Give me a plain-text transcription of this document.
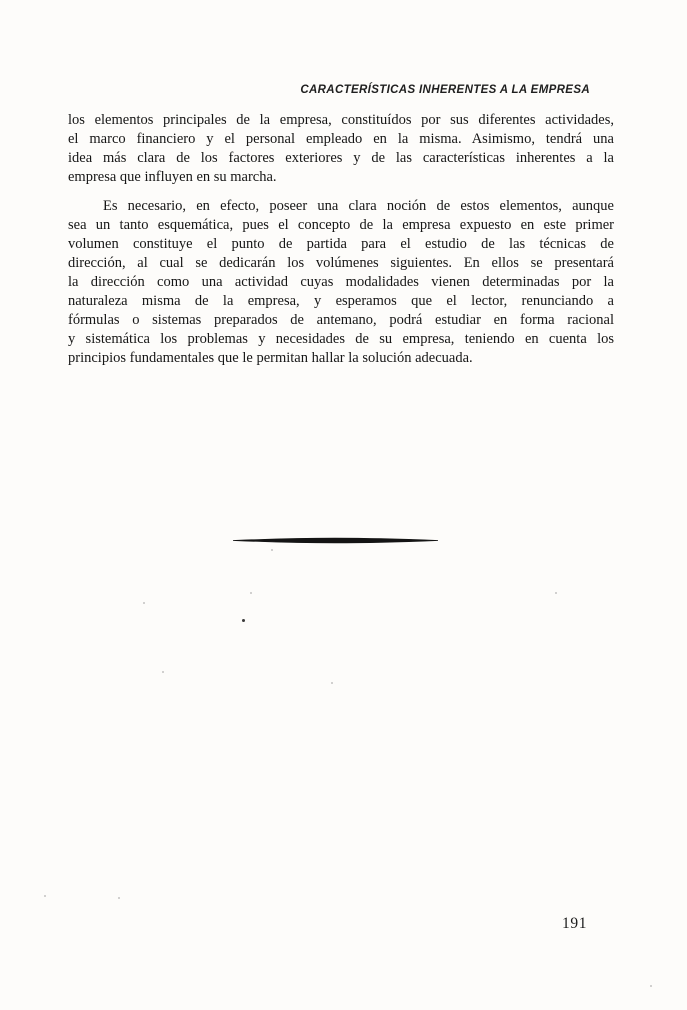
CARACTERÍSTICAS INHERENTES A LA EMPRESA
los elementos principales de la empresa, constituídos por sus diferentes actividades,
el marco financiero y el personal empleado en la misma. Asimismo, tendrá una
idea más clara de los factores exteriores y de las características inherentes a la
empresa que influyen en su marcha.
Es necesario, en efecto, poseer una clara noción de estos elementos, aunque
sea un tanto esquemática, pues el concepto de la empresa expuesto en este primer
volumen constituye el punto de partida para el estudio de las técnicas de
dirección, al cual se dedicarán los volúmenes siguientes. En ellos se presentará
la dirección como una actividad cuyas modalidades vienen determinadas por la
naturaleza misma de la empresa, y esperamos que el lector, renunciando a
fórmulas o sistemas preparados de antemano, podrá estudiar en forma racional
y sistemática los problemas y necesidades de su empresa, teniendo en cuenta los
principios fundamentales que le permitan hallar la solución adecuada.
191
